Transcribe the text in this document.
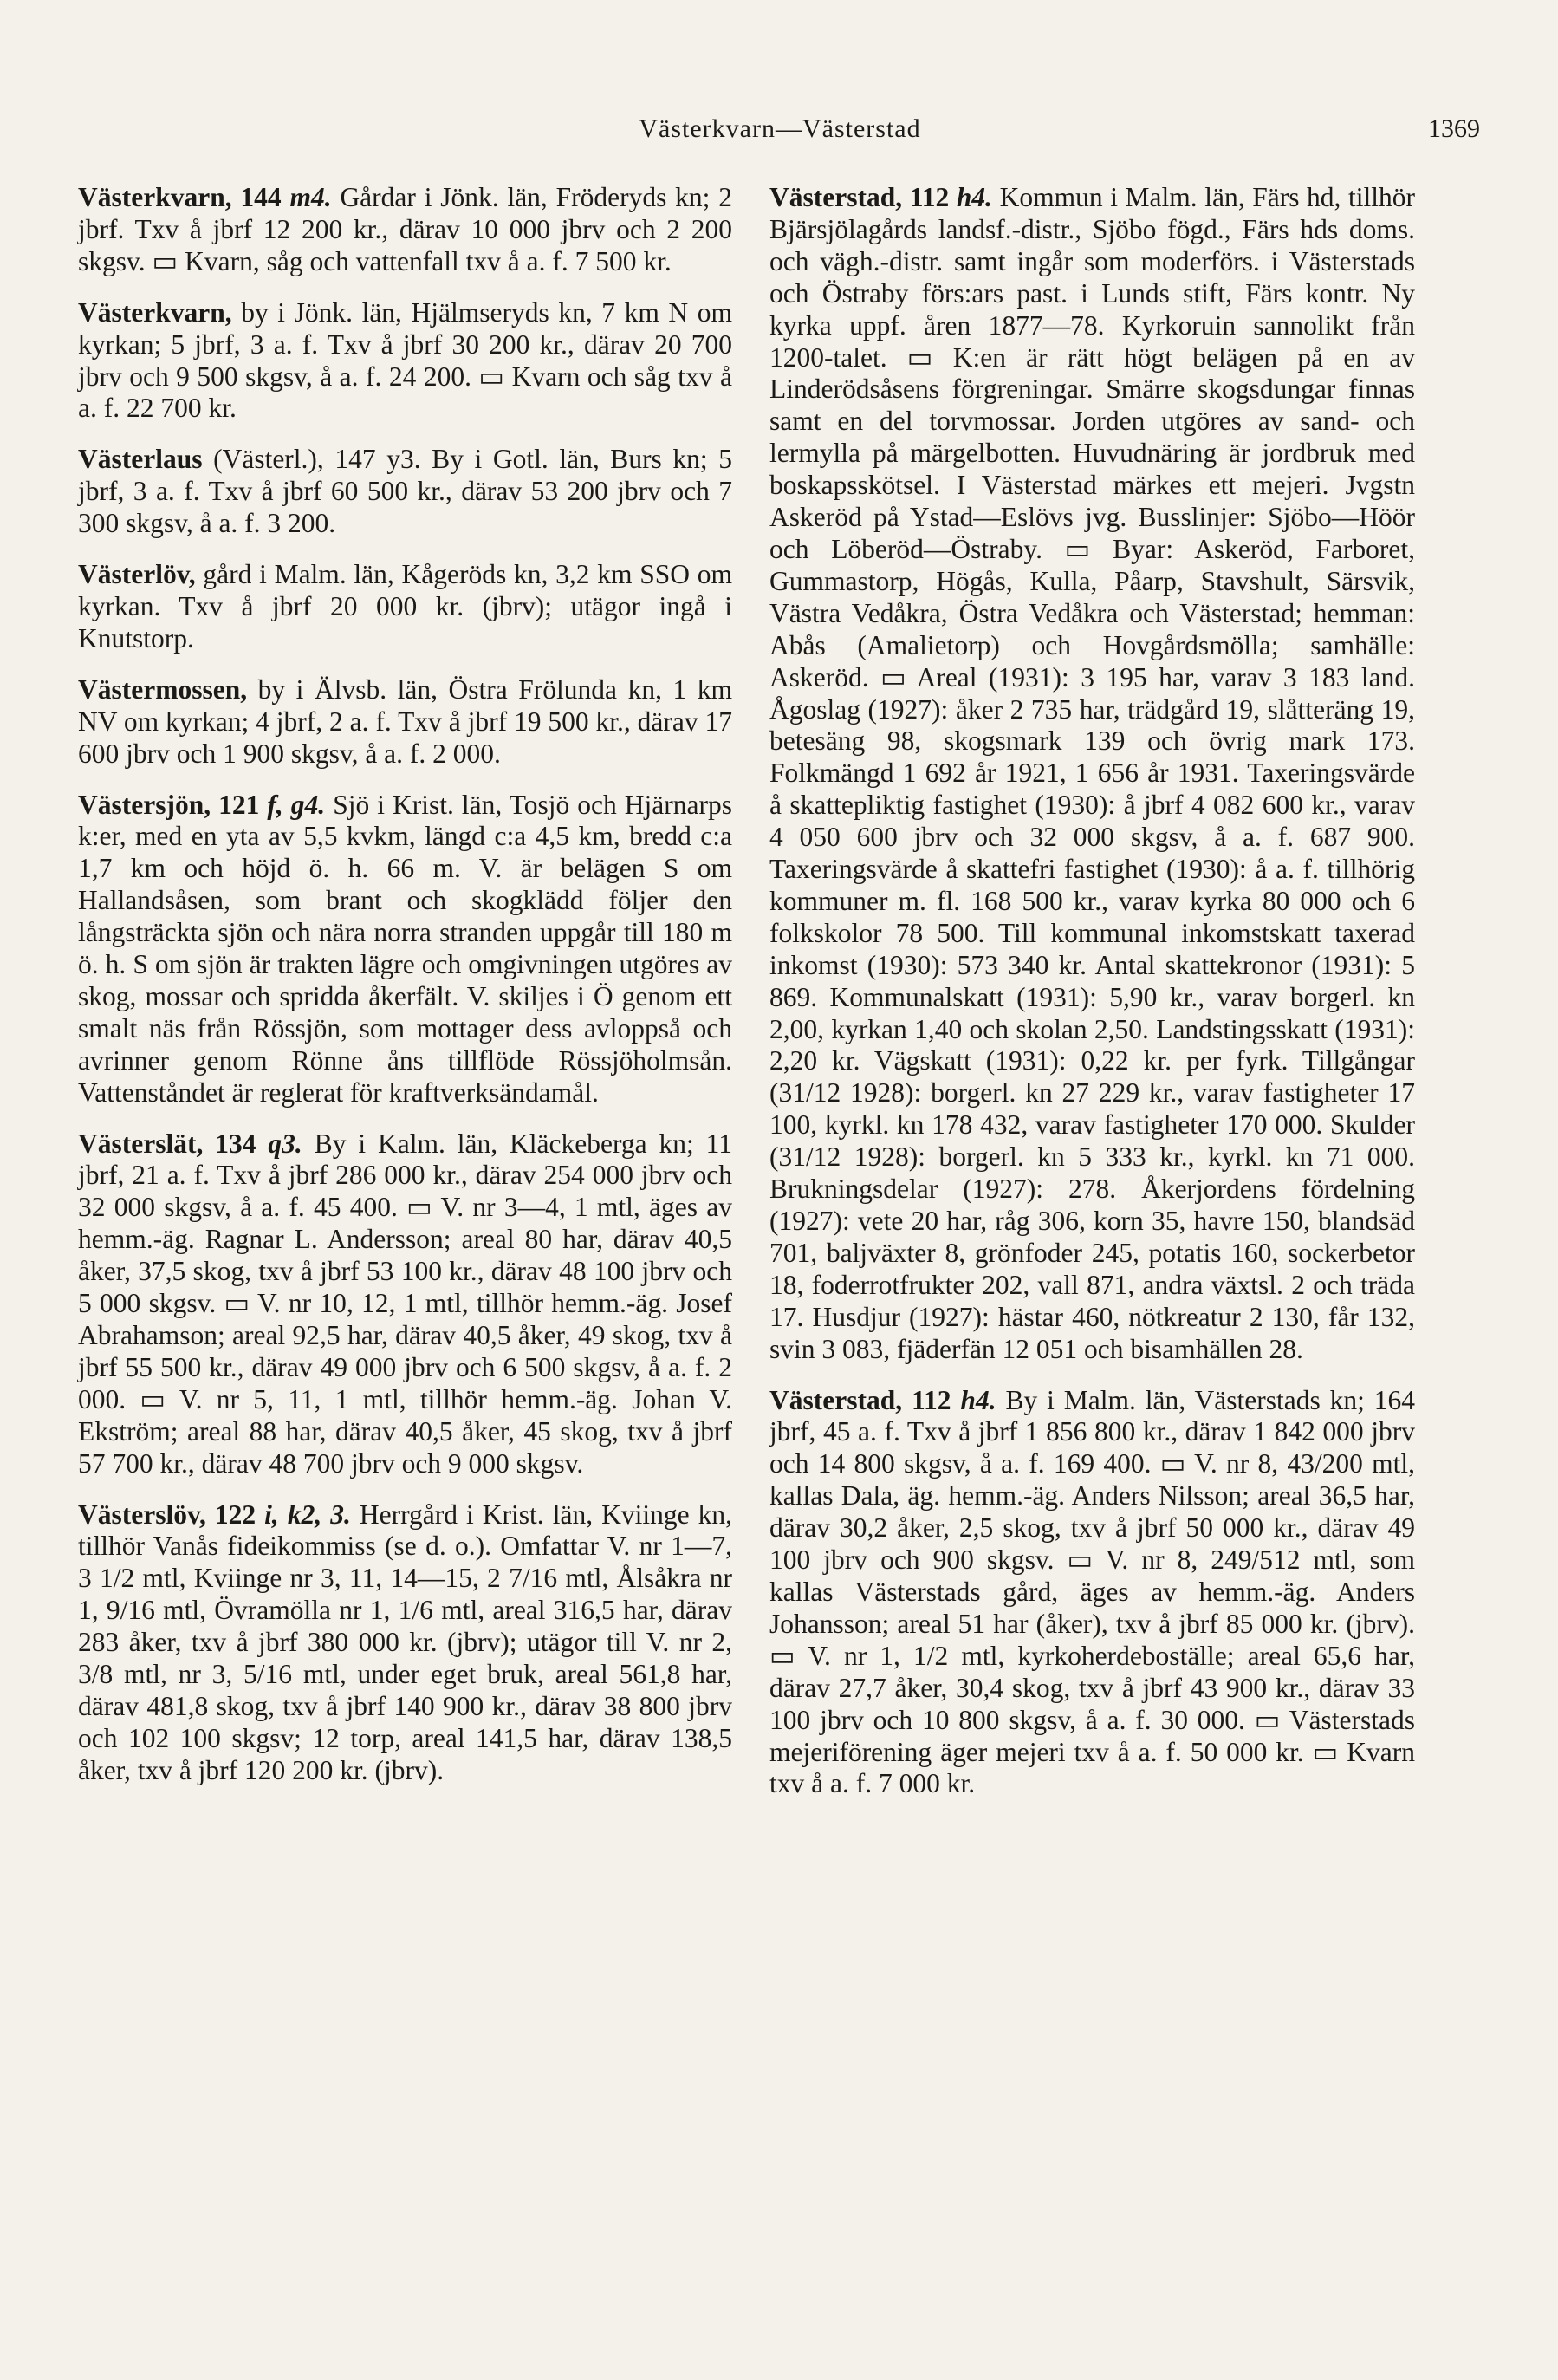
Västerkvarn—Västerstad	1369

Västerkvarn, 144 m4. Gårdar i Jönk. län, Fröderyds kn; 2 jbrf. Txv å jbrf 12 200 kr., därav 10 000 jbrv och 2 200 skgsv. ▭ Kvarn, såg och vattenfall txv å a. f. 7 500 kr.

Västerkvarn, by i Jönk. län, Hjälmseryds kn, 7 km N om kyrkan; 5 jbrf, 3 a. f. Txv å jbrf 30 200 kr., därav 20 700 jbrv och 9 500 skgsv, å a. f. 24 200. ▭ Kvarn och såg txv å a. f. 22 700 kr.

Västerlaus (Västerl.), 147 y3. By i Gotl. län, Burs kn; 5 jbrf, 3 a. f. Txv å jbrf 60 500 kr., därav 53 200 jbrv och 7 300 skgsv, å a. f. 3 200.

Västerlöv, gård i Malm. län, Kågeröds kn, 3,2 km SSO om kyrkan. Txv å jbrf 20 000 kr. (jbrv); utägor ingå i Knutstorp.

Västermossen, by i Älvsb. län, Östra Frölunda kn, 1 km NV om kyrkan; 4 jbrf, 2 a. f. Txv å jbrf 19 500 kr., därav 17 600 jbrv och 1 900 skgsv, å a. f. 2 000.

Västersjön, 121 f, g4. Sjö i Krist. län, Tosjö och Hjärnarps k:er, med en yta av 5,5 kvkm, längd c:a 4,5 km, bredd c:a 1,7 km och höjd ö. h. 66 m. V. är belägen S om Hallandsåsen, som brant och skogklädd följer den långsträckta sjön och nära norra stranden uppgår till 180 m ö. h. S om sjön är trakten lägre och omgivningen utgöres av skog, mossar och spridda åkerfält. V. skiljes i Ö genom ett smalt näs från Rössjön, som mottager dess avloppså och avrinner genom Rönne åns tillflöde Rössjöholmsån. Vattenståndet är reglerat för kraftverksändamål.

Västerslät, 134 q3. By i Kalm. län, Kläckeberga kn; 11 jbrf, 21 a. f. Txv å jbrf 286 000 kr., därav 254 000 jbrv och 32 000 skgsv, å a. f. 45 400. ▭ V. nr 3—4, 1 mtl, äges av hemm.-äg. Ragnar L. Andersson; areal 80 har, därav 40,5 åker, 37,5 skog, txv å jbrf 53 100 kr., därav 48 100 jbrv och 5 000 skgsv. ▭ V. nr 10, 12, 1 mtl, tillhör hemm.-äg. Josef Abrahamson; areal 92,5 har, därav 40,5 åker, 49 skog, txv å jbrf 55 500 kr., därav 49 000 jbrv och 6 500 skgsv, å a. f. 2 000. ▭ V. nr 5, 11, 1 mtl, tillhör hemm.-äg. Johan V. Ekström; areal 88 har, därav 40,5 åker, 45 skog, txv å jbrf 57 700 kr., därav 48 700 jbrv och 9 000 skgsv.

Västerslöv, 122 i, k2, 3. Herrgård i Krist. län, Kviinge kn, tillhör Vanås fideikommiss (se d. o.). Omfattar V. nr 1—7, 3 1/2 mtl, Kviinge nr 3, 11, 14—15, 2 7/16 mtl, Ålsåkra nr 1, 9/16 mtl, Övramölla nr 1, 1/6 mtl, areal 316,5 har, därav 283 åker, txv å jbrf 380 000 kr. (jbrv); utägor till V. nr 2, 3/8 mtl, nr 3, 5/16 mtl, under eget bruk, areal 561,8 har, därav 481,8 skog, txv å jbrf 140 900 kr., därav 38 800 jbrv och 102 100 skgsv; 12 torp, areal 141,5 har, därav 138,5 åker, txv å jbrf 120 200 kr. (jbrv).

Västerstad, 112 h4. Kommun i Malm. län, Färs hd, tillhör Bjärsjölagårds landsf.-distr., Sjöbo fögd., Färs hds doms. och vägh.-distr. samt ingår som moderförs. i Västerstads och Östraby förs:ars past. i Lunds stift, Färs kontr. Ny kyrka uppf. åren 1877—78. Kyrkoruin sannolikt från 1200-talet. ▭ K:en är rätt högt belägen på en av Linderödsåsens förgreningar. Smärre skogsdungar finnas samt en del torvmossar. Jorden utgöres av sand- och lermylla på märgelbotten. Huvudnäring är jordbruk med boskapsskötsel. I Västerstad märkes ett mejeri. Jvgstn Askeröd på Ystad—Eslövs jvg. Busslinjer: Sjöbo—Höör och Löberöd—Östraby. ▭ Byar: Askeröd, Farboret, Gummastorp, Högås, Kulla, Påarp, Stavshult, Särsvik, Västra Vedåkra, Östra Vedåkra och Västerstad; hemman: Abås (Amalietorp) och Hovgårdsmölla; samhälle: Askeröd. ▭ Areal (1931): 3 195 har, varav 3 183 land. Ågoslag (1927): åker 2 735 har, trädgård 19, slåtteräng 19, betesäng 98, skogsmark 139 och övrig mark 173. Folkmängd 1 692 år 1921, 1 656 år 1931. Taxeringsvärde å skattepliktig fastighet (1930): å jbrf 4 082 600 kr., varav 4 050 600 jbrv och 32 000 skgsv, å a. f. 687 900. Taxeringsvärde å skattefri fastighet (1930): å a. f. tillhörig kommuner m. fl. 168 500 kr., varav kyrka 80 000 och 6 folkskolor 78 500. Till kommunal inkomstskatt taxerad inkomst (1930): 573 340 kr. Antal skattekronor (1931): 5 869. Kommunalskatt (1931): 5,90 kr., varav borgerl. kn 2,00, kyrkan 1,40 och skolan 2,50. Landstingsskatt (1931): 2,20 kr. Vägskatt (1931): 0,22 kr. per fyrk. Tillgångar (31/12 1928): borgerl. kn 27 229 kr., varav fastigheter 17 100, kyrkl. kn 178 432, varav fastigheter 170 000. Skulder (31/12 1928): borgerl. kn 5 333 kr., kyrkl. kn 71 000. Brukningsdelar (1927): 278. Åkerjordens fördelning (1927): vete 20 har, råg 306, korn 35, havre 150, blandsäd 701, baljväxter 8, grönfoder 245, potatis 160, sockerbetor 18, foderrotfrukter 202, vall 871, andra växtsl. 2 och träda 17. Husdjur (1927): hästar 460, nötkreatur 2 130, får 132, svin 3 083, fjäderfän 12 051 och bisamhällen 28.

Västerstad, 112 h4. By i Malm. län, Västerstads kn; 164 jbrf, 45 a. f. Txv å jbrf 1 856 800 kr., därav 1 842 000 jbrv och 14 800 skgsv, å a. f. 169 400. ▭ V. nr 8, 43/200 mtl, kallas Dala, äg. hemm.-äg. Anders Nilsson; areal 36,5 har, därav 30,2 åker, 2,5 skog, txv å jbrf 50 000 kr., därav 49 100 jbrv och 900 skgsv. ▭ V. nr 8, 249/512 mtl, som kallas Västerstads gård, äges av hemm.-äg. Anders Johansson; areal 51 har (åker), txv å jbrf 85 000 kr. (jbrv). ▭ V. nr 1, 1/2 mtl, kyrkoherdeboställe; areal 65,6 har, därav 27,7 åker, 30,4 skog, txv å jbrf 43 900 kr., därav 33 100 jbrv och 10 800 skgsv, å a. f. 30 000. ▭ Västerstads mejeriförening äger mejeri txv å a. f. 50 000 kr. ▭ Kvarn txv å a. f. 7 000 kr.
